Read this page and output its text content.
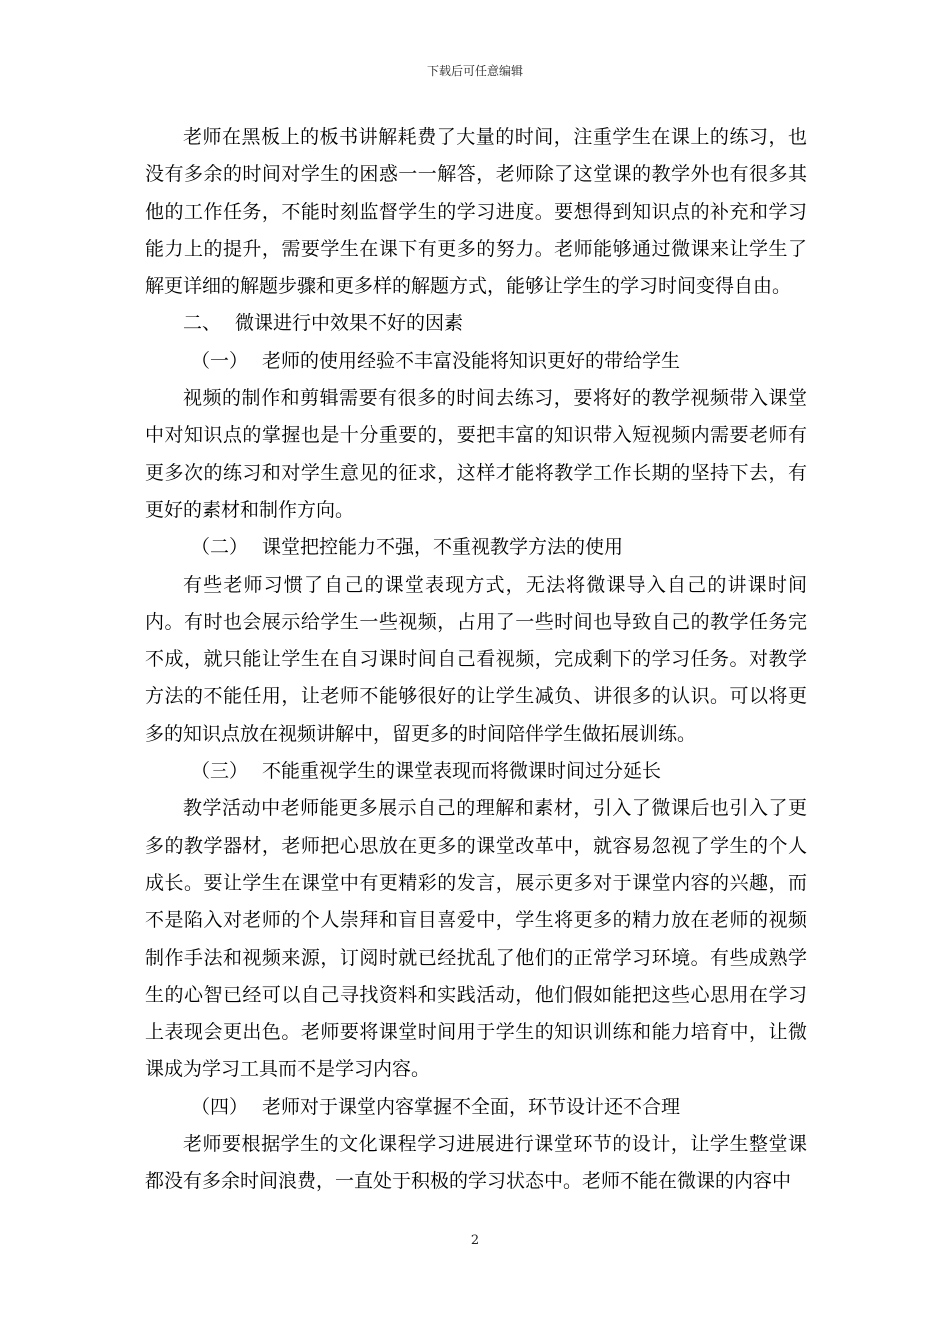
下载后可任意编辑

老师在黑板上的板书讲解耗费了大量的时间，注重学生在课上的练习，也没有多余的时间对学生的困惑一一解答，老师除了这堂课的教学外也有很多其他的工作任务，不能时刻监督学生的学习进度。要想得到知识点的补充和学习能力上的提升，需要学生在课下有更多的努力。老师能够通过微课来让学生了解更详细的解题步骤和更多样的解题方式，能够让学生的学习时间变得自由。

二、 微课进行中效果不好的因素

（一） 老师的使用经验不丰富没能将知识更好的带给学生

视频的制作和剪辑需要有很多的时间去练习，要将好的教学视频带入课堂中对知识点的掌握也是十分重要的，要把丰富的知识带入短视频内需要老师有更多次的练习和对学生意见的征求，这样才能将教学工作长期的坚持下去，有更好的素材和制作方向。

（二） 课堂把控能力不强，不重视教学方法的使用

有些老师习惯了自己的课堂表现方式，无法将微课导入自己的讲课时间内。有时也会展示给学生一些视频，占用了一些时间也导致自己的教学任务完不成，就只能让学生在自习课时间自己看视频，完成剩下的学习任务。对教学方法的不能任用，让老师不能够很好的让学生减负、讲很多的认识。可以将更多的知识点放在视频讲解中，留更多的时间陪伴学生做拓展训练。

（三） 不能重视学生的课堂表现而将微课时间过分延长

教学活动中老师能更多展示自己的理解和素材，引入了微课后也引入了更多的教学器材，老师把心思放在更多的课堂改革中，就容易忽视了学生的个人成长。要让学生在课堂中有更精彩的发言，展示更多对于课堂内容的兴趣，而不是陷入对老师的个人崇拜和盲目喜爱中，学生将更多的精力放在老师的视频制作手法和视频来源，订阅时就已经扰乱了他们的正常学习环境。有些成熟学生的心智已经可以自己寻找资料和实践活动，他们假如能把这些心思用在学习上表现会更出色。老师要将课堂时间用于学生的知识训练和能力培育中，让微课成为学习工具而不是学习内容。

（四） 老师对于课堂内容掌握不全面，环节设计还不合理

老师要根据学生的文化课程学习进展进行课堂环节的设计，让学生整堂课都没有多余时间浪费，一直处于积极的学习状态中。老师不能在微课的内容中

2
